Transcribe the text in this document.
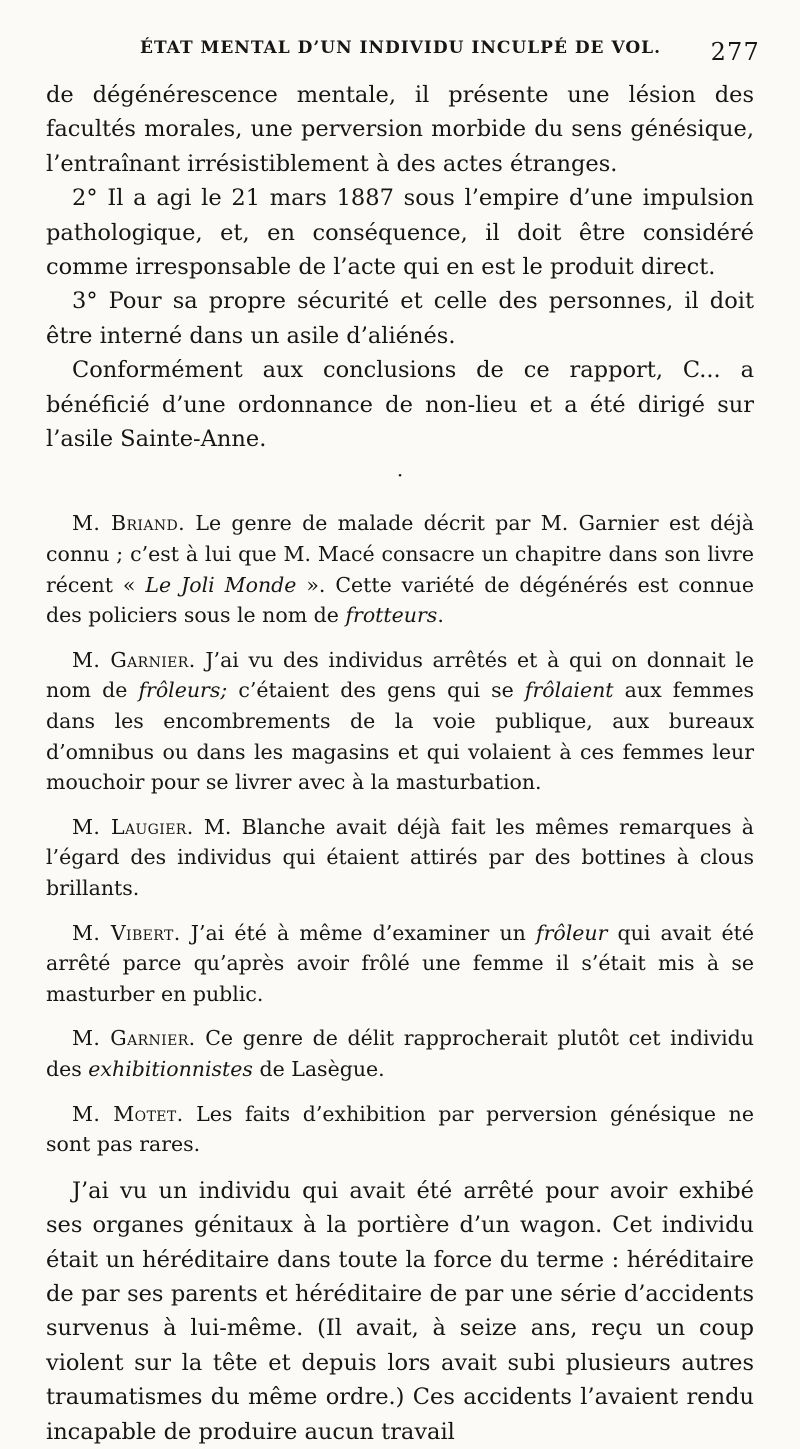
ÉTAT MENTAL D’UN INDIVIDU INCULPÉ DE VOL. 277

de dégénérescence mentale, il présente une lésion des facultés morales, une perversion morbide du sens génésique, l’entraînant irrésistiblement à des actes étranges.

2° Il a agi le 21 mars 1887 sous l’empire d’une impulsion pathologique, et, en conséquence, il doit être considéré comme irresponsable de l’acte qui en est le produit direct.

3° Pour sa propre sécurité et celle des personnes, il doit être interné dans un asile d’aliénés.

Conformément aux conclusions de ce rapport, C... a bénéficié d’une ordonnance de non-lieu et a été dirigé sur l’asile Sainte-Anne.

·

M. Briand. Le genre de malade décrit par M. Garnier est déjà connu ; c’est à lui que M. Macé consacre un chapitre dans son livre récent « Le Joli Monde ». Cette variété de dégénérés est connue des policiers sous le nom de frotteurs.

M. Garnier. J’ai vu des individus arrêtés et à qui on donnait le nom de frôleurs; c’étaient des gens qui se frôlaient aux femmes dans les encombrements de la voie publique, aux bureaux d’omnibus ou dans les magasins et qui volaient à ces femmes leur mouchoir pour se livrer avec à la masturbation.

M. Laugier. M. Blanche avait déjà fait les mêmes remarques à l’égard des individus qui étaient attirés par des bottines à clous brillants.

M. Vibert. J’ai été à même d’examiner un frôleur qui avait été arrêté parce qu’après avoir frôlé une femme il s’était mis à se masturber en public.

M. Garnier. Ce genre de délit rapprocherait plutôt cet individu des exhibitionnistes de Lasègue.

M. Motet. Les faits d’exhibition par perversion génésique ne sont pas rares.

J’ai vu un individu qui avait été arrêté pour avoir exhibé ses organes génitaux à la portière d’un wagon. Cet individu était un héréditaire dans toute la force du terme : héréditaire de par ses parents et héréditaire de par une série d’accidents survenus à lui-même. (Il avait, à seize ans, reçu un coup violent sur la tête et depuis lors avait subi plusieurs autres traumatismes du même ordre.) Ces accidents l’avaient rendu incapable de produire aucun travail
